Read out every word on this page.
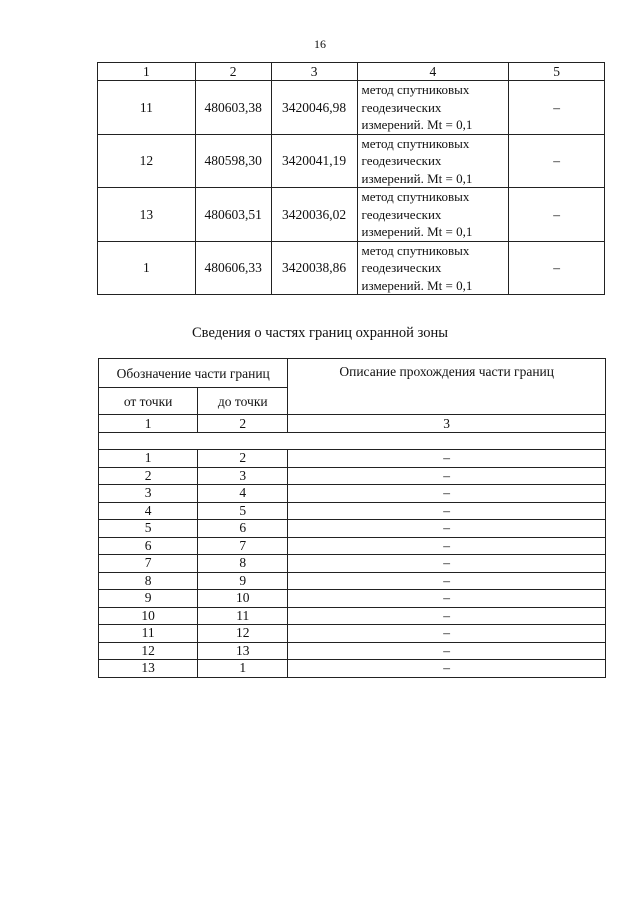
16
1	2	3	4	5
11	480603,38	3420046,98	метод спутниковых
геодезических
измерений. Mt = 0,1	–
12	480598,30	3420041,19	метод спутниковых
геодезических
измерений. Mt = 0,1	–
13	480603,51	3420036,02	метод спутниковых
геодезических
измерений. Mt = 0,1	–
1	480606,33	3420038,86	метод спутниковых
геодезических
измерений. Mt = 0,1	–
Сведения о частях границ охранной зоны
Обозначение части границ		Описание прохождения части границ
от точки	до точки	
1	2	3

1	2	–
2	3	–
3	4	–
4	5	–
5	6	–
6	7	–
7	8	–
8	9	–
9	10	–
10	11	–
11	12	–
12	13	–
13	1	–
